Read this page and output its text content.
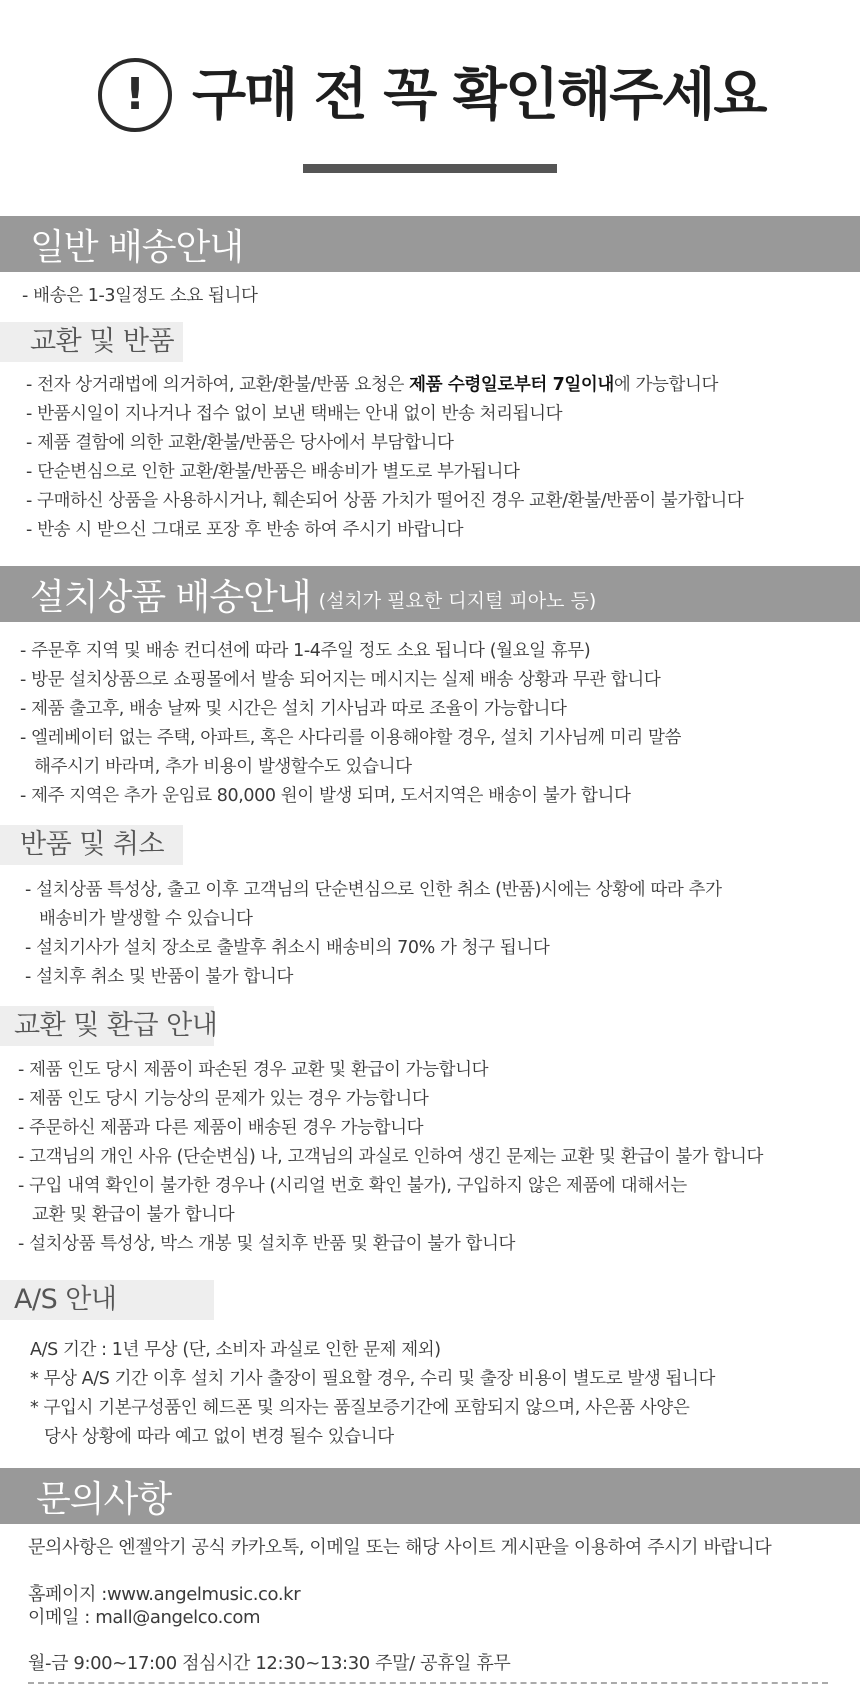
! 구매 전 꼭 확인해주세요
일반 배송안내
- 배송은 1-3일정도 소요 됩니다
교환 및 반품
- 전자 상거래법에 의거하여, 교환/환불/반품 요청은 제품 수령일로부터 7일이내에 가능합니다
- 반품시일이 지나거나 접수 없이 보낸 택배는 안내 없이 반송 처리됩니다
- 제품 결함에 의한 교환/환불/반품은 당사에서 부담합니다
- 단순변심으로 인한 교환/환불/반품은 배송비가 별도로 부가됩니다
- 구매하신 상품을 사용하시거나, 훼손되어 상품 가치가 떨어진 경우 교환/환불/반품이 불가합니다
- 반송 시 받으신 그대로 포장 후 반송 하여 주시기 바랍니다
설치상품 배송안내 (설치가 필요한 디지털 피아노 등)
- 주문후 지역 및 배송 컨디션에 따라 1-4주일 정도 소요 됩니다 (월요일 휴무)
- 방문 설치상품으로 쇼핑몰에서 발송 되어지는 메시지는 실제 배송 상황과 무관 합니다
- 제품 출고후, 배송 날짜 및 시간은 설치 기사님과 따로 조율이 가능합니다
- 엘레베이터 없는 주택, 아파트, 혹은 사다리를 이용해야할 경우, 설치 기사님께 미리 말씀
해주시기 바라며, 추가 비용이 발생할수도 있습니다
- 제주 지역은 추가 운임료 80,000 원이 발생 되며, 도서지역은 배송이 불가 합니다
반품 및 취소
- 설치상품 특성상, 출고 이후 고객님의 단순변심으로 인한 취소 (반품)시에는 상황에 따라 추가
배송비가 발생할 수 있습니다
- 설치기사가 설치 장소로 출발후 취소시 배송비의 70% 가 청구 됩니다
- 설치후 취소 및 반품이 불가 합니다
교환 및 환급 안내
- 제품 인도 당시 제품이 파손된 경우 교환 및 환급이 가능합니다
- 제품 인도 당시 기능상의 문제가 있는 경우 가능합니다
- 주문하신 제품과 다른 제품이 배송된 경우 가능합니다
- 고객님의 개인 사유 (단순변심) 나, 고객님의 과실로 인하여 생긴 문제는 교환 및 환급이 불가 합니다
- 구입 내역 확인이 불가한 경우나 (시리얼 번호 확인 불가), 구입하지 않은 제품에 대해서는
교환 및 환급이 불가 합니다
- 설치상품 특성상, 박스 개봉 및 설치후 반품 및 환급이 불가 합니다
A/S 안내
A/S 기간 : 1년 무상 (단, 소비자 과실로 인한 문제 제외)
* 무상 A/S 기간 이후 설치 기사 출장이 필요할 경우, 수리 및 출장 비용이 별도로 발생 됩니다
* 구입시 기본구성품인 헤드폰 및 의자는 품질보증기간에 포함되지 않으며, 사은품 사양은
당사 상황에 따라 예고 없이 변경 될수 있습니다
문의사항
문의사항은 엔젤악기 공식 카카오톡, 이메일 또는 해당 사이트 게시판을 이용하여 주시기 바랍니다
홈페이지 :www.angelmusic.co.kr
이메일 : mall@angelco.com
월-금 9:00~17:00 점심시간 12:30~13:30 주말/ 공휴일 휴무
